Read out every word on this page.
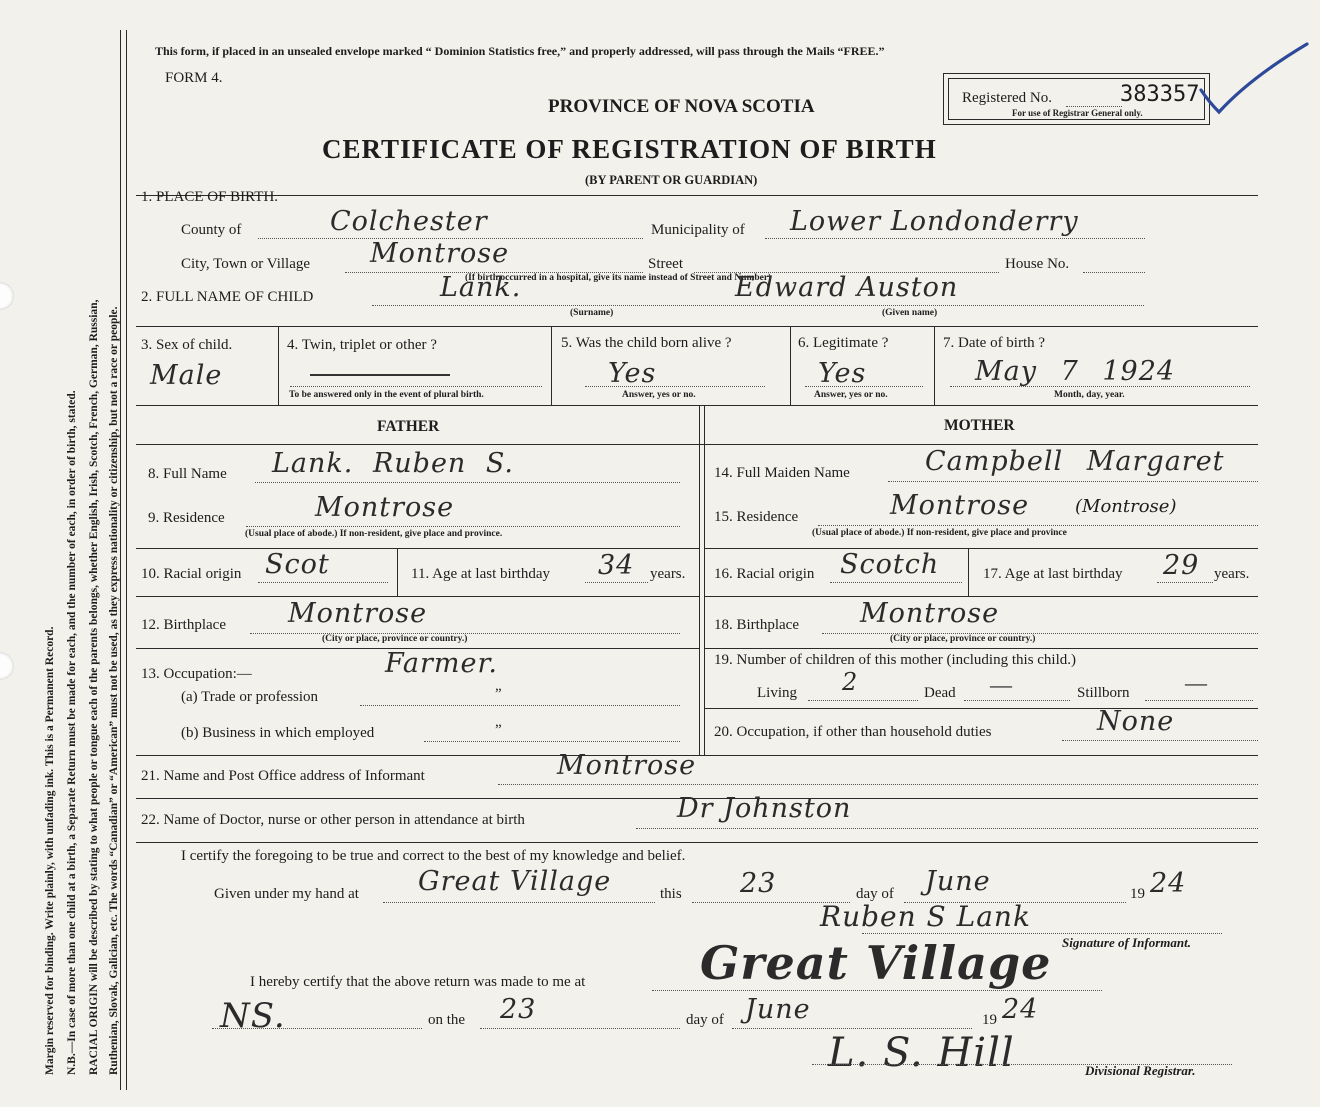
Margin reserved for binding. Write plainly, with unfading ink. This is a Permanent Record. N.B.—In case of more than one child at a birth, a Separate Return must be made for each, and the number of each, in order of birth, stated. RACIAL ORIGIN will be described by stating to what people or tongue each of the parents belongs, whether English, Irish, Scotch, French, German, Russian, Ruthenian, Slovak, Galician, etc. The words “Canadian” or “American” must not be used, as they express nationality or citizenship, but not a race or people.
This form, if placed in an unsealed envelope marked “ Dominion Statistics free,” and properly addressed, will pass through the Mails “FREE.”
FORM 4.
PROVINCE OF NOVA SCOTIA
CERTIFICATE OF REGISTRATION OF BIRTH
(BY PARENT OR GUARDIAN)
Registered No.	383357
For use of Registrar General only.
1. PLACE OF BIRTH.
County of	Colchester	Municipality of Lower Londonderry
City, Town or Village Montrose	Street	House No.
(If birth occurred in a hospital, give its name instead of Street and Number)
2. FULL NAME OF CHILD	Lank.
(Surname)
Edward Auston
(Given name)
3. Sex of child.
Male
4. Twin, triplet or other ?
To be answered only in the event of plural birth.
5. Was the child born alive ?
Yes
Answer, yes or no.
6. Legitimate ?
Yes
Answer, yes or no.
7. Date of birth ?
May 7 1924
Month, day, year.
FATHER	MOTHER
8. Full Name Lank. Ruben S.
9. Residence	Montrose
(Usual place of abode.) If non-resident, give place and province.
10. Racial origin Scot	11. Age at last birthday 34 years.
12. Birthplace Montrose
(City or place, province or country.)
13. Occupation:—	Farmer.
(a) Trade or profession	”
(b) Business in which employed	”
14. Full Maiden Name	Campbell Margaret
15. Residence	Montrose	(Montrose)
(Usual place of abode.) If non-resident, give place and province
16. Racial origin Scotch	17. Age at last birthday 29 years.
18. Birthplace Montrose
(City or place, province or country.)
19. Number of children of this mother (including this child.)
Living 2	Dead —	Stillborn	—
20. Occupation, if other than household duties	None
21. Name and Post Office address of Informant	Montrose
22. Name of Doctor, nurse or other person in attendance at birth	Dr Johnston
I certify the foregoing to be true and correct to the best of my knowledge and belief.
Given under my hand at Great Village	this 23	day of June	19 24
Ruben S Lank
Signature of Informant.
I hereby certify that the above return was made to me at Great Village
NS.	on the 23	day of June	19 24
L. S. Hill	Divisional Registrar.
